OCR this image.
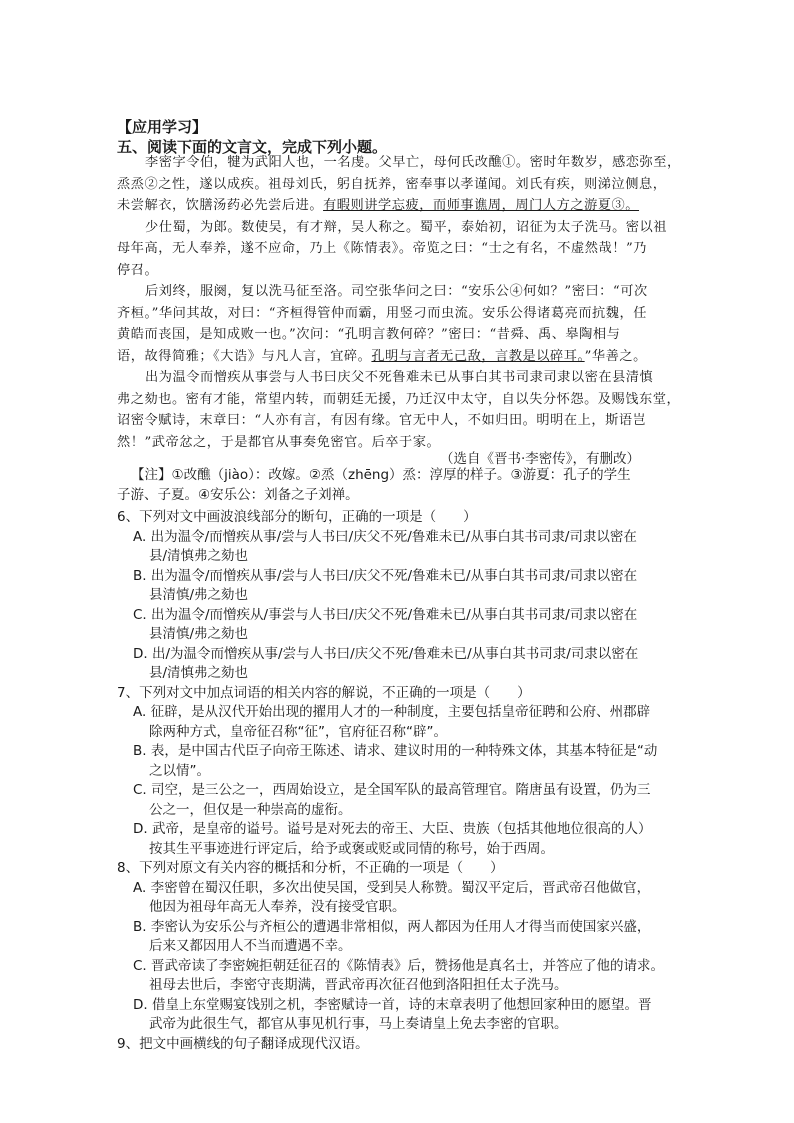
【应用学习】
五、阅读下面的文言文，完成下列小题。
李密字令伯，犍为武阳人也，一名虔。父早亡，母何氏改醮①。密时年数岁，感恋弥至，
烝烝②之性，遂以成疾。祖母刘氏，躬自抚养，密奉事以孝谨闻。刘氏有疾，则涕泣侧息，
未尝解衣，饮膳汤药必先尝后进。有暇则讲学忘疲，而师事谯周，周门人方之游夏③。
少仕蜀，为郎。数使吴，有才辩，吴人称之。蜀平，泰始初，诏征为太子洗马。密以祖
母年高，无人奉养，遂不应命，乃上《陈情表》。帝览之曰：“士之有名，不虚然哉！”乃
停召。
后刘终，服阕，复以洗马征至洛。司空张华问之曰：“安乐公④何如？”密曰：“可次
齐桓。”华问其故，对曰：“齐桓得管仲而霸，用竖刁而虫流。安乐公得诸葛亮而抗魏，任
黄皓而丧国，是知成败一也。”次问：“孔明言教何碎？”密曰：“昔舜、禹、皋陶相与
语，故得简雅；《大诰》与凡人言，宜碎。孔明与言者无己敌，言教是以碎耳。”华善之。
出为温令而憎疾从事尝与人书曰庆父不死鲁难未已从事白其书司隶司隶以密在县清慎
弗之劾也。密有才能，常望内转，而朝廷无援，乃迁汉中太守，自以失分怀怨。及赐饯东堂，
诏密令赋诗，末章曰：“人亦有言，有因有缘。官无中人，不如归田。明明在上，斯语岂
然！”武帝忿之，于是都官从事奏免密官。后卒于家。
（选自《晋书·李密传》，有删改）
【注】①改醮（jiào）：改嫁。②烝（zhēng）烝：淳厚的样子。③游夏：孔子的学生
子游、子夏。④安乐公：刘备之子刘禅。
6、下列对文中画波浪线部分的断句，正确的一项是（　　）
A. 出为温令/而憎疾从事/尝与人书曰/庆父不死/鲁难未已/从事白其书司隶/司隶以密在
县/清慎弗之劾也
B. 出为温令/而憎疾从事/尝与人书曰/庆父不死/鲁难未已/从事白其书司隶/司隶以密在
县清慎/弗之劾也
C. 出为温令/而憎疾从/事尝与人书曰/庆父不死/鲁难未已/从事白其书司隶/司隶以密在
县清慎/弗之劾也
D. 出/为温令而憎疾从事/尝与人书曰/庆父不死/鲁难未已/从事白其书司隶/司隶以密在
县/清慎弗之劾也
7、下列对文中加点词语的相关内容的解说，不正确的一项是（　　）
A. 征辟，是从汉代开始出现的擢用人才的一种制度，主要包括皇帝征聘和公府、州郡辟
除两种方式，皇帝征召称“征”，官府征召称“辟”。
B. 表，是中国古代臣子向帝王陈述、请求、建议时用的一种特殊文体，其基本特征是“动
之以情”。
C. 司空，是三公之一，西周始设立，是全国军队的最高管理官。隋唐虽有设置，仍为三
公之一，但仅是一种崇高的虚衔。
D. 武帝，是皇帝的谥号。谥号是对死去的帝王、大臣、贵族（包括其他地位很高的人）
按其生平事迹进行评定后，给予或褒或贬或同情的称号，始于西周。
8、下列对原文有关内容的概括和分析，不正确的一项是（　　）
A. 李密曾在蜀汉任职，多次出使吴国，受到吴人称赞。蜀汉平定后，晋武帝召他做官，
他因为祖母年高无人奉养，没有接受官职。
B. 李密认为安乐公与齐桓公的遭遇非常相似，两人都因为任用人才得当而使国家兴盛，
后来又都因用人不当而遭遇不幸。
C. 晋武帝读了李密婉拒朝廷征召的《陈情表》后，赞扬他是真名士，并答应了他的请求。
祖母去世后，李密守丧期满，晋武帝再次征召他到洛阳担任太子洗马。
D. 借皇上东堂赐宴饯别之机，李密赋诗一首，诗的末章表明了他想回家种田的愿望。晋
武帝为此很生气，都官从事见机行事，马上奏请皇上免去李密的官职。
9、把文中画横线的句子翻译成现代汉语。
